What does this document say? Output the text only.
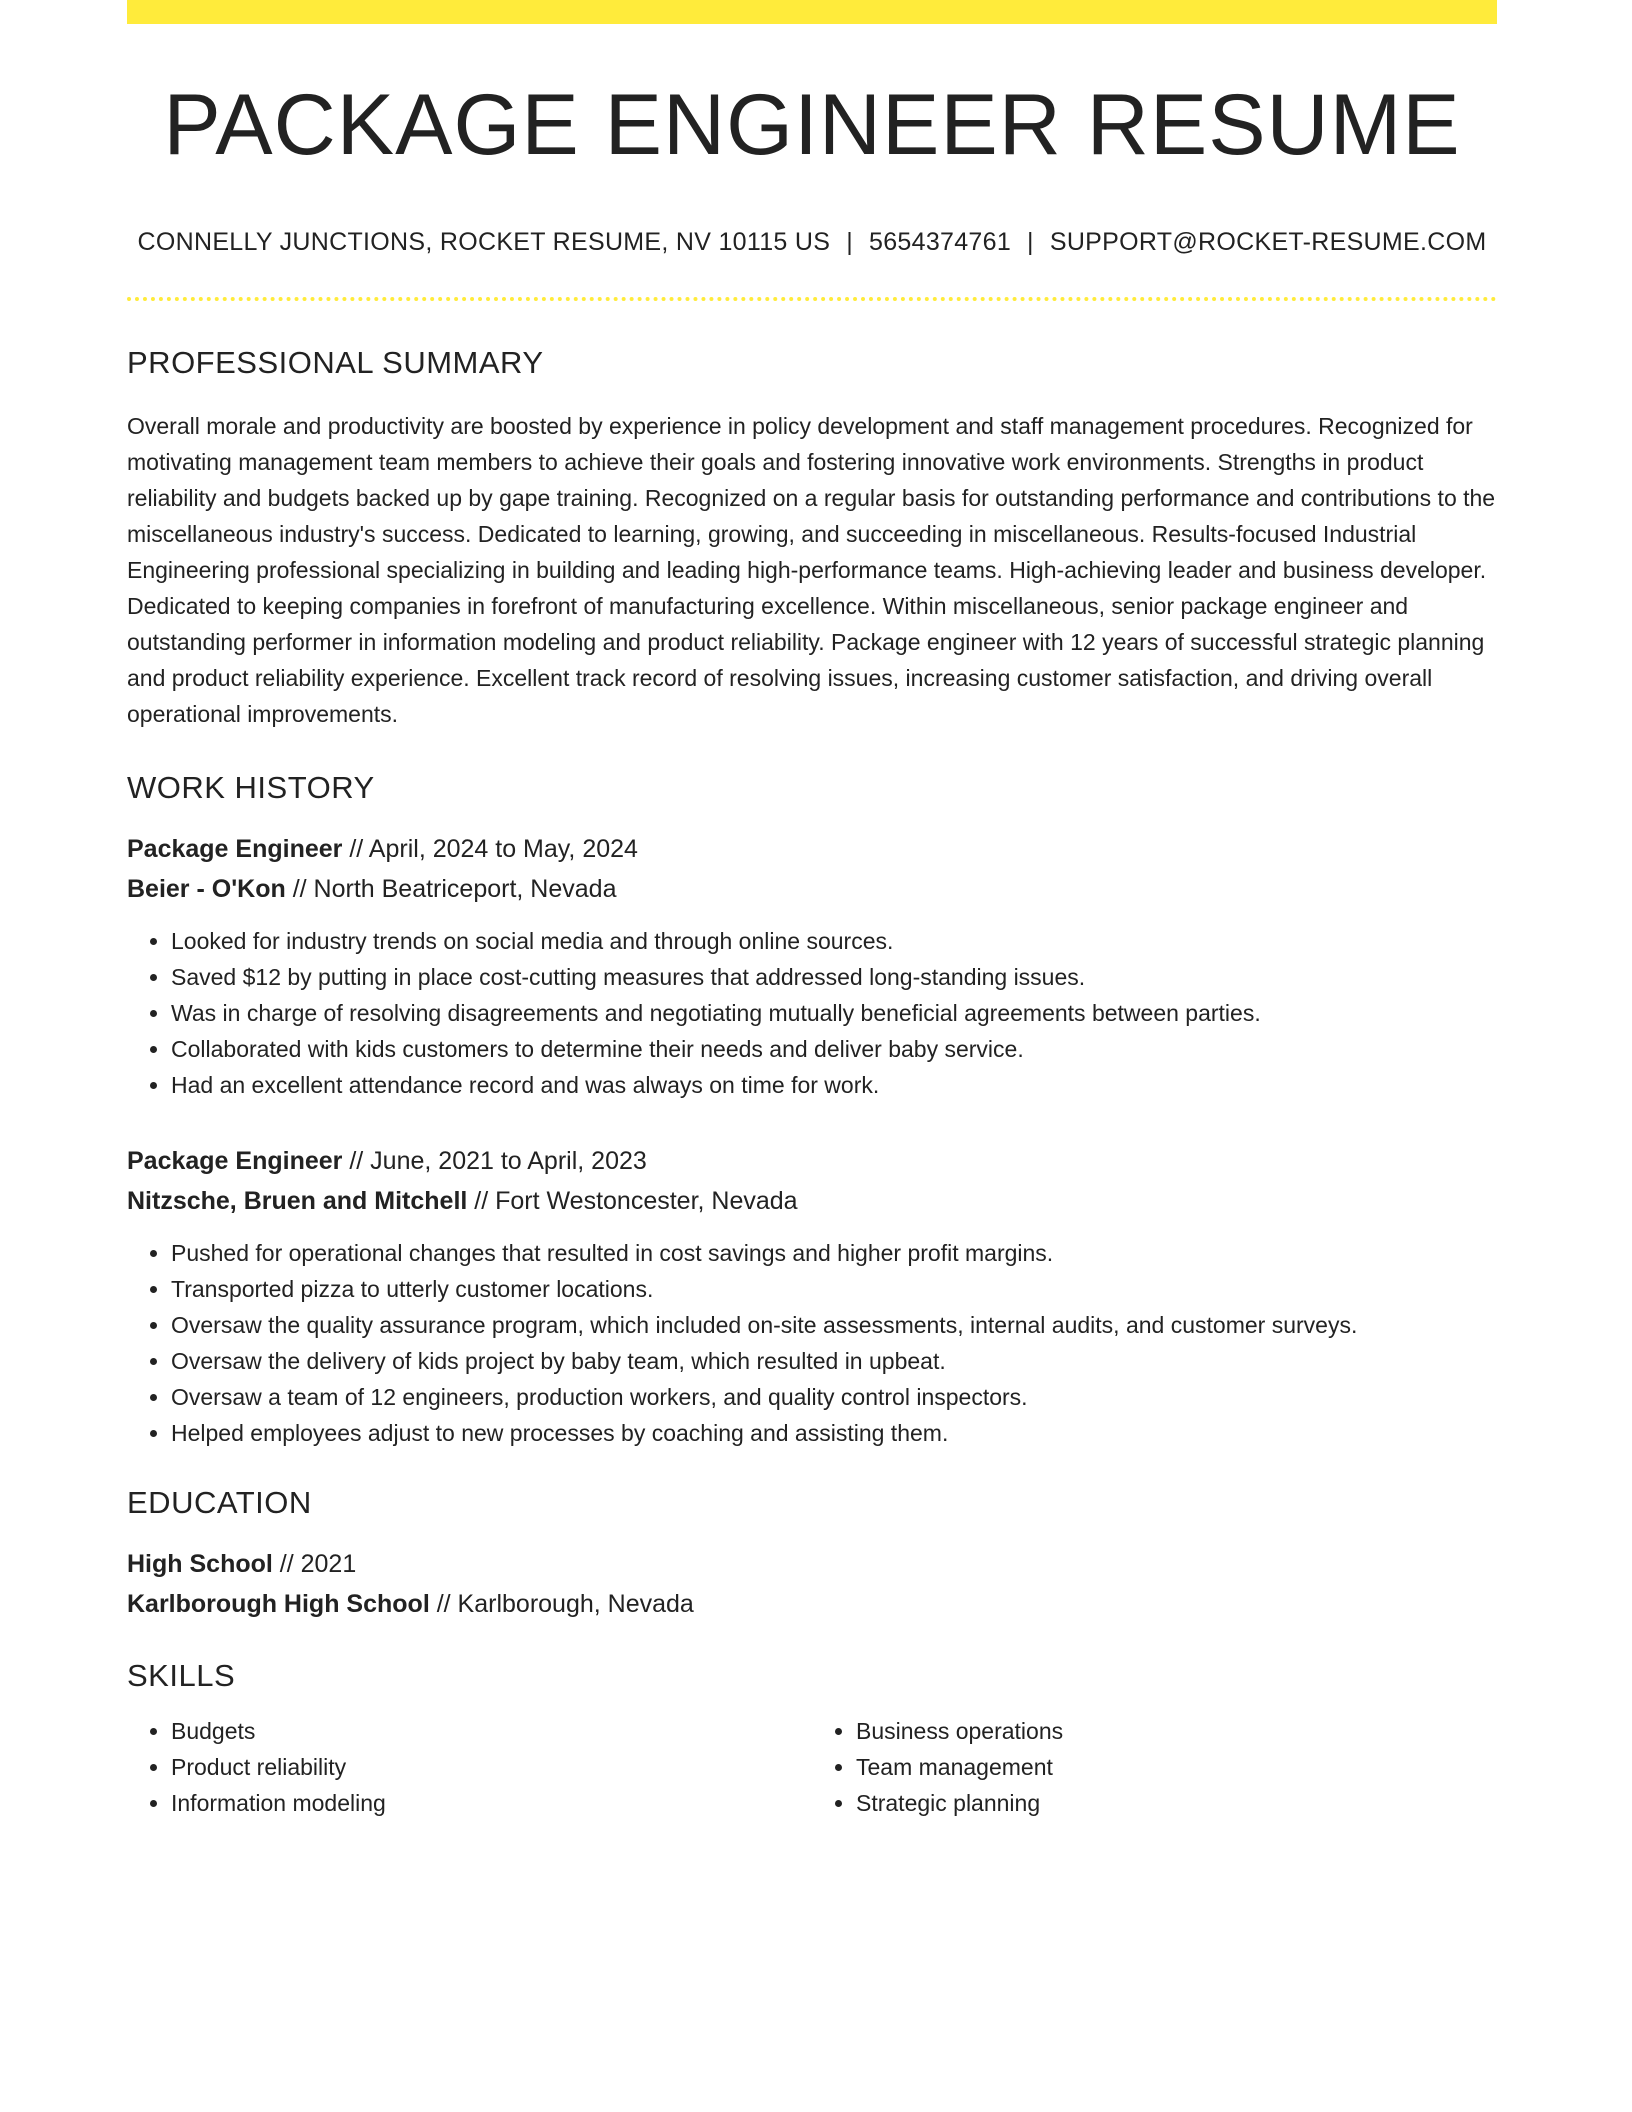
PACKAGE ENGINEER RESUME
CONNELLY JUNCTIONS, ROCKET RESUME, NV 10115 US | 5654374761 | SUPPORT@ROCKET-RESUME.COM
PROFESSIONAL SUMMARY

Overall morale and productivity are boosted by experience in policy development and staff management procedures. Recognized for motivating management team members to achieve their goals and fostering innovative work environments. Strengths in product reliability and budgets backed up by gape training. Recognized on a regular basis for outstanding performance and contributions to the miscellaneous industry's success. Dedicated to learning, growing, and succeeding in miscellaneous. Results-focused Industrial Engineering professional specializing in building and leading high-performance teams. High-achieving leader and business developer. Dedicated to keeping companies in forefront of manufacturing excellence. Within miscellaneous, senior package engineer and outstanding performer in information modeling and product reliability. Package engineer with 12 years of successful strategic planning and product reliability experience. Excellent track record of resolving issues, increasing customer satisfaction, and driving overall operational improvements.

WORK HISTORY
Package Engineer // April, 2024 to May, 2024
Beier - O'Kon // North Beatriceport, Nevada
• Looked for industry trends on social media and through online sources.
• Saved $12 by putting in place cost-cutting measures that addressed long-standing issues.
• Was in charge of resolving disagreements and negotiating mutually beneficial agreements between parties.
• Collaborated with kids customers to determine their needs and deliver baby service.
• Had an excellent attendance record and was always on time for work.
Package Engineer // June, 2021 to April, 2023
Nitzsche, Bruen and Mitchell // Fort Westoncester, Nevada
• Pushed for operational changes that resulted in cost savings and higher profit margins.
• Transported pizza to utterly customer locations.
• Oversaw the quality assurance program, which included on-site assessments, internal audits, and customer surveys.
• Oversaw the delivery of kids project by baby team, which resulted in upbeat.
• Oversaw a team of 12 engineers, production workers, and quality control inspectors.
• Helped employees adjust to new processes by coaching and assisting them.
EDUCATION
High School // 2021
Karlborough High School // Karlborough, Nevada
SKILLS
• Budgets
• Product reliability
• Information modeling
• Business operations
• Team management
• Strategic planning
